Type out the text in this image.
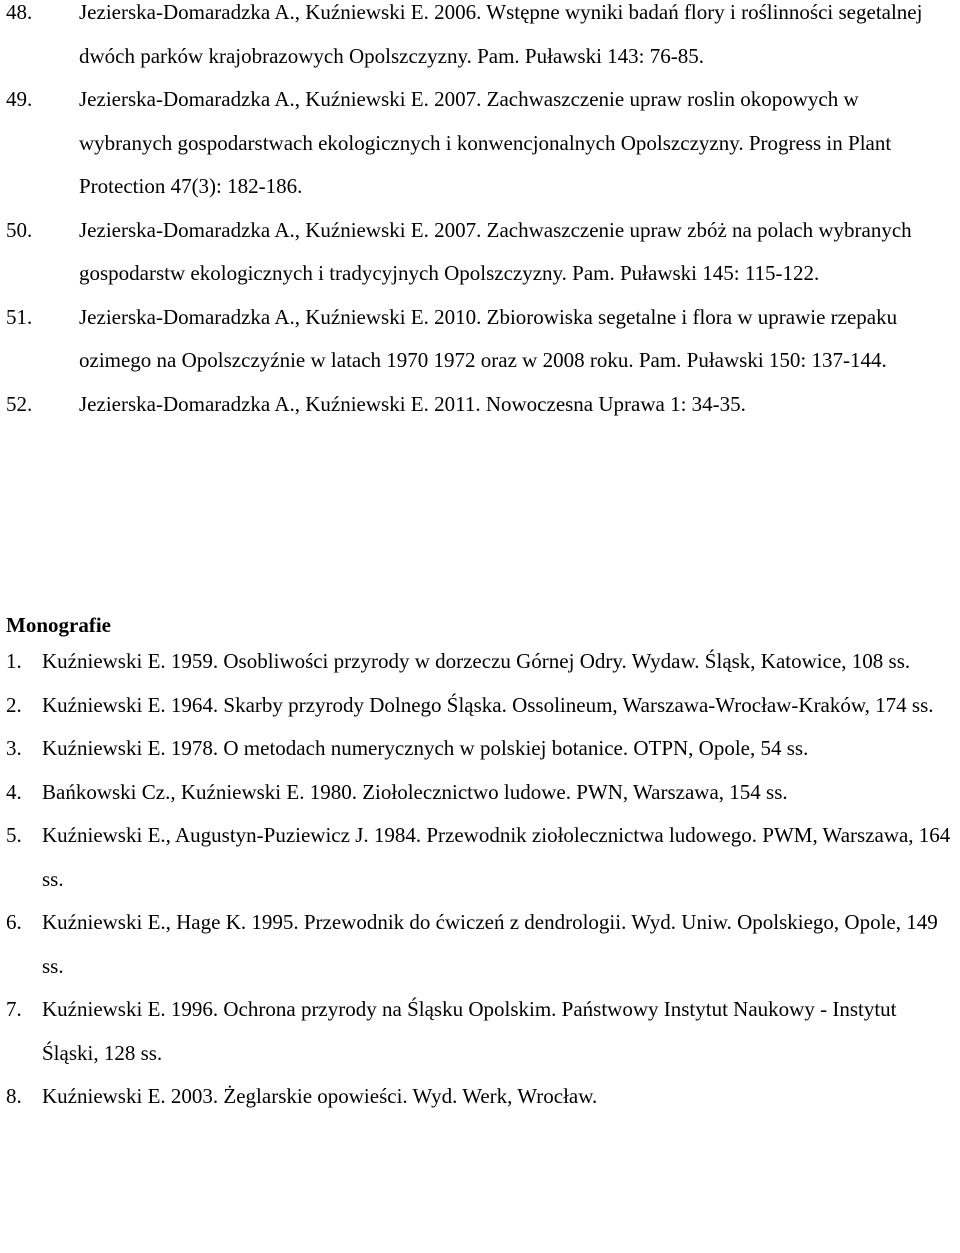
48.	Jezierska-Domaradzka A., Kuźniewski E. 2006. Wstępne wyniki badań flory i roślinności segetalnej dwóch parków krajobrazowych Opolszczyzny. Pam. Puławski 143: 76-85.
49.	Jezierska-Domaradzka A., Kuźniewski E. 2007. Zachwaszczenie upraw roslin okopowych w wybranych gospodarstwach ekologicznych i konwencjonalnych Opolszczyzny. Progress in Plant Protection 47(3): 182-186.
50.	Jezierska-Domaradzka A., Kuźniewski E. 2007. Zachwaszczenie upraw zbóż na polach wybranych gospodarstw ekologicznych i tradycyjnych Opolszczyzny. Pam. Puławski 145: 115-122.
51.	Jezierska-Domaradzka A., Kuźniewski E. 2010. Zbiorowiska segetalne i flora w uprawie rzepaku ozimego na Opolszczyźnie w latach 1970 1972 oraz w 2008 roku. Pam. Puławski 150: 137-144.
52.	Jezierska-Domaradzka A., Kuźniewski E. 2011. Nowoczesna Uprawa 1: 34-35.
Monografie
1. Kuźniewski E. 1959. Osobliwości przyrody w dorzeczu Górnej Odry. Wydaw. Śląsk, Katowice, 108 ss.
2. Kuźniewski E. 1964. Skarby przyrody Dolnego Śląska. Ossolineum, Warszawa-Wrocław-Kraków, 174 ss.
3. Kuźniewski E. 1978. O metodach numerycznych w polskiej botanice. OTPN, Opole, 54 ss.
4. Bańkowski Cz., Kuźniewski E. 1980. Ziołolecznictwo ludowe. PWN, Warszawa, 154 ss.
5. Kuźniewski E., Augustyn-Puziewicz J. 1984. Przewodnik ziołolecznictwa ludowego. PWM, Warszawa, 164 ss.
6. Kuźniewski E., Hage K. 1995. Przewodnik do ćwiczeń z dendrologii. Wyd. Uniw. Opolskiego, Opole, 149 ss.
7. Kuźniewski E. 1996. Ochrona przyrody na Śląsku Opolskim. Państwowy Instytut Naukowy - Instytut Śląski, 128 ss.
8. Kuźniewski E. 2003. Żeglarskie opowieści. Wyd. Werk, Wrocław.
